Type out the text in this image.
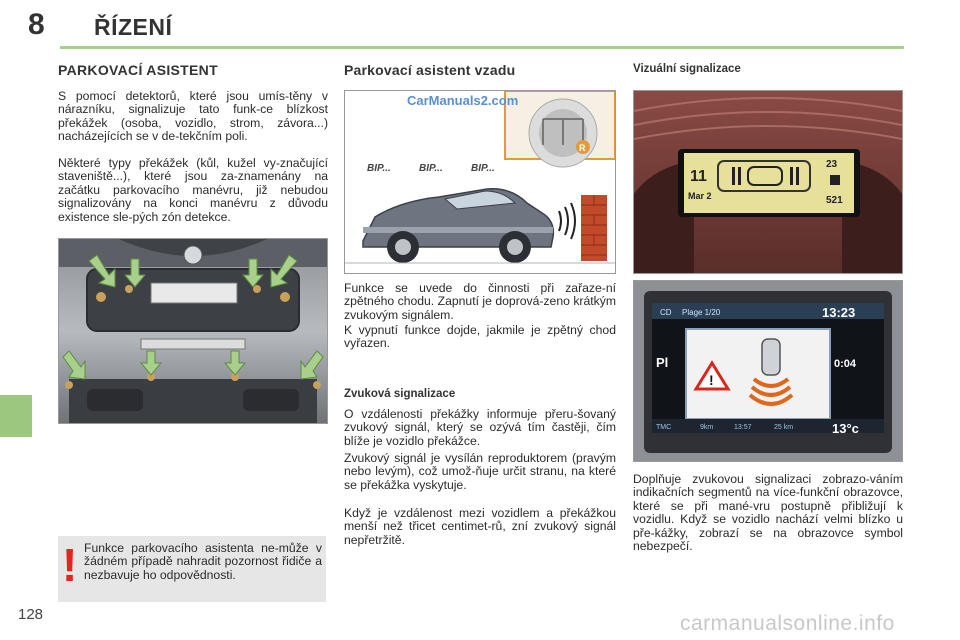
8 ŘÍZENÍ
128
PARKOVACÍ ASISTENT

S pomocí detektorů, které jsou umís-těny v nárazníku, signalizuje tato funk-ce blízkost překážek (osoba, vozidlo, strom, závora...) nacházejících se v de-tekčním poli.

Některé typy překážek (kůl, kužel vy-značující staveniště...), které jsou za-znamenány na začátku parkovacího manévru, již nebudou signalizovány na konci manévru z důvodu existence sle-pých zón detekce.

! Funkce parkovacího asistenta ne-může v žádném případě nahradit pozornost řidiče a nezbavuje ho odpovědnosti.
Parkovací asistent vzadu
R
CarManuals2.com
BIP...	BIP...	BIP...

Funkce se uvede do činnosti při zařaze-ní zpětného chodu. Zapnutí je doprová-zeno krátkým zvukovým signálem.

K vypnutí funkce dojde, jakmile je zpětný chod vyřazen.

Zvuková signalizace

O vzdálenosti překážky informuje přeru-šovaný zvukový signál, který se ozývá tím častěji, čím blíže je vozidlo překážce.

Zvukový signál je vysílán reproduktorem (pravým nebo levým), což umož-ňuje určit stranu, na které se překážka vyskytuje.

Když je vzdálenost mezi vozidlem a překážkou menší než třicet centimet-rů, zní zvukový signál nepřetržitě.

Vizuální signalizace
11
Mar 2
23
521
CD Plage 1/20	13:23
Pl	0:04
!
TMC	9km	13:57	25 km	13°c

Doplňuje zvukovou signalizaci zobrazo-váním indikačních segmentů na více-funkční obrazovce, které se při mané-vru postupně přibližují k vozidlu. Když se vozidlo nachází velmi blízko u pře-kážky, zobrazí se na obrazovce symbol nebezpečí.

carmanualsonline.info
